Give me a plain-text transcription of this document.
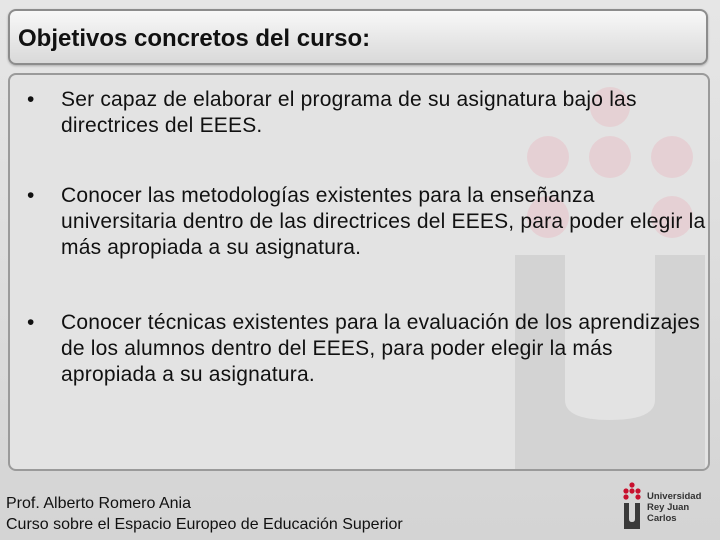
Objetivos concretos del curso:
• Ser capaz de elaborar el programa de su asignatura bajo las directrices del EEES.
• Conocer las metodologías existentes para la enseñanza universitaria dentro de las directrices del EEES, para poder elegir la más apropiada a su asignatura.
• Conocer técnicas existentes para la evaluación de los aprendizajes de los alumnos dentro del EEES, para poder elegir la más apropiada a su asignatura.
Prof. Alberto Romero Ania
Curso sobre el Espacio Europeo de Educación Superior
Universidad
Rey Juan Carlos
